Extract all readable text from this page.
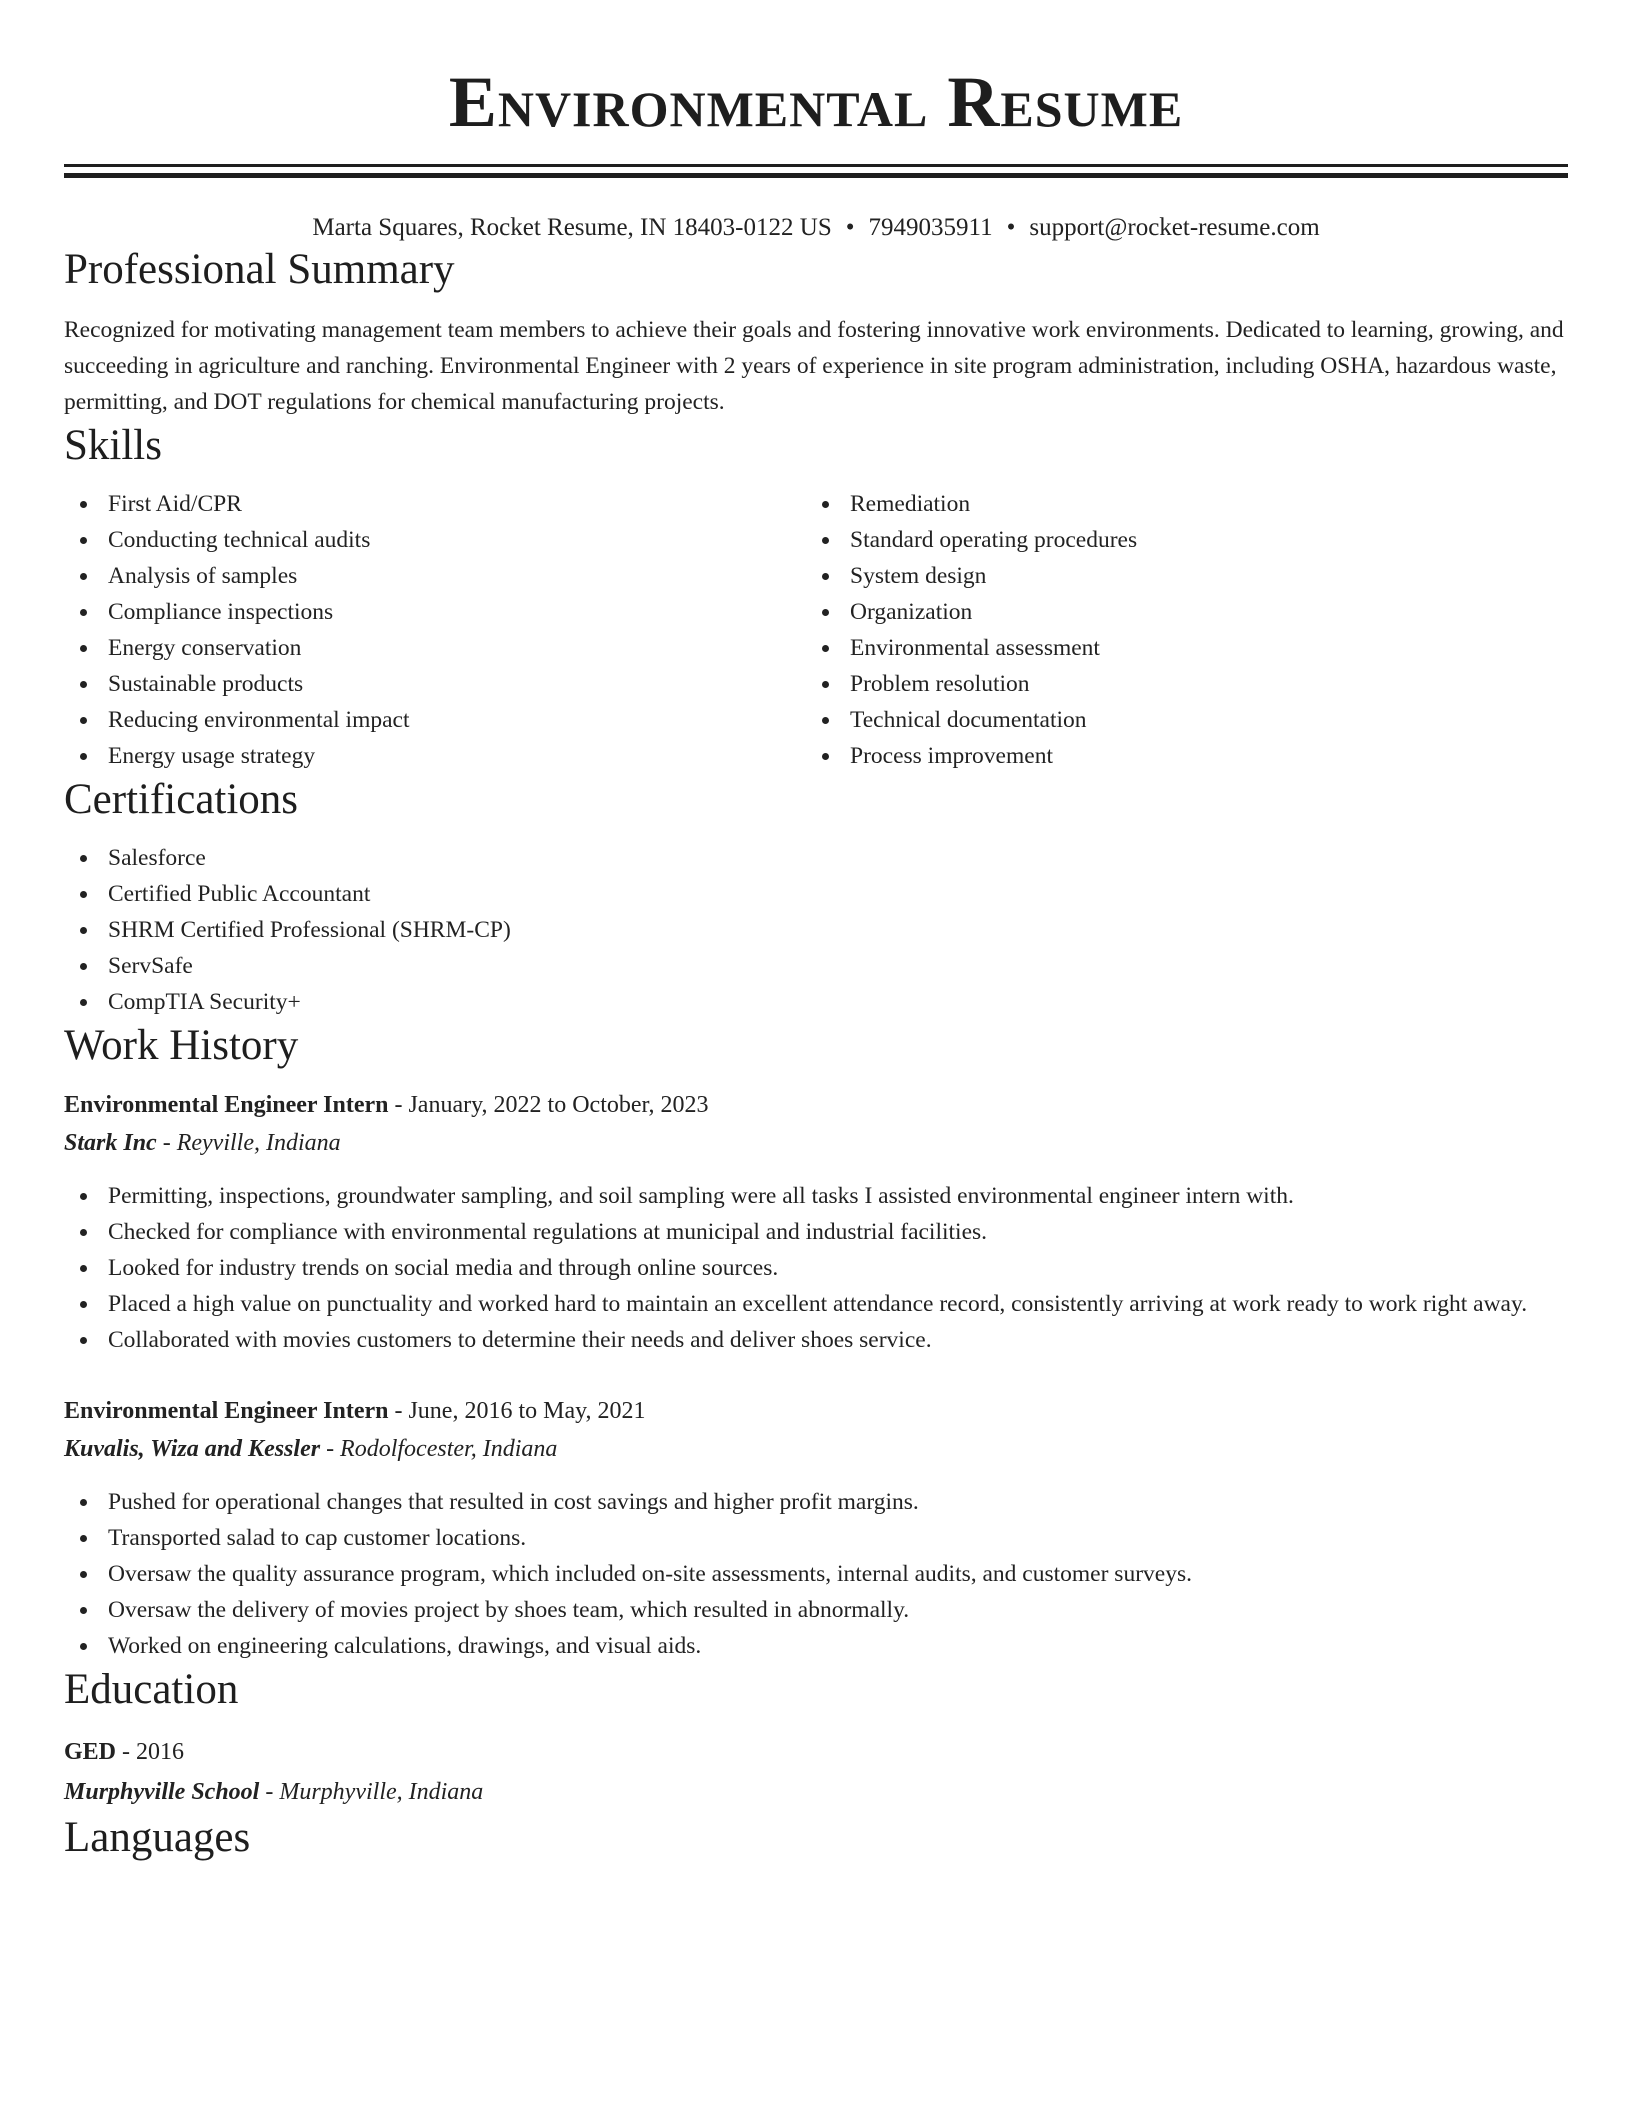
Environmental Resume
Marta Squares, Rocket Resume, IN 18403-0122 US • 7949035911 • support@rocket-resume.com
Professional Summary

Recognized for motivating management team members to achieve their goals and fostering innovative work environments. Dedicated to learning, growing, and succeeding in agriculture and ranching. Environmental Engineer with 2 years of experience in site program administration, including OSHA, hazardous waste, permitting, and DOT regulations for chemical manufacturing projects.

Skills
First Aid/CPR
Conducting technical audits
Analysis of samples
Compliance inspections
Energy conservation
Sustainable products
Reducing environmental impact
Energy usage strategy
Remediation
Standard operating procedures
System design
Organization
Environmental assessment
Problem resolution
Technical documentation
Process improvement
Certifications
Salesforce
Certified Public Accountant
SHRM Certified Professional (SHRM-CP)
ServSafe
CompTIA Security+
Work History
Environmental Engineer Intern - January, 2022 to October, 2023
Stark Inc - Reyville, Indiana
Permitting, inspections, groundwater sampling, and soil sampling were all tasks I assisted environmental engineer intern with.
Checked for compliance with environmental regulations at municipal and industrial facilities.
Looked for industry trends on social media and through online sources.
Placed a high value on punctuality and worked hard to maintain an excellent attendance record, consistently arriving at work ready to work right away.
Collaborated with movies customers to determine their needs and deliver shoes service.
Environmental Engineer Intern - June, 2016 to May, 2021
Kuvalis, Wiza and Kessler - Rodolfocester, Indiana
Pushed for operational changes that resulted in cost savings and higher profit margins.
Transported salad to cap customer locations.
Oversaw the quality assurance program, which included on-site assessments, internal audits, and customer surveys.
Oversaw the delivery of movies project by shoes team, which resulted in abnormally.
Worked on engineering calculations, drawings, and visual aids.
Education
GED - 2016
Murphyville School - Murphyville, Indiana
Languages
